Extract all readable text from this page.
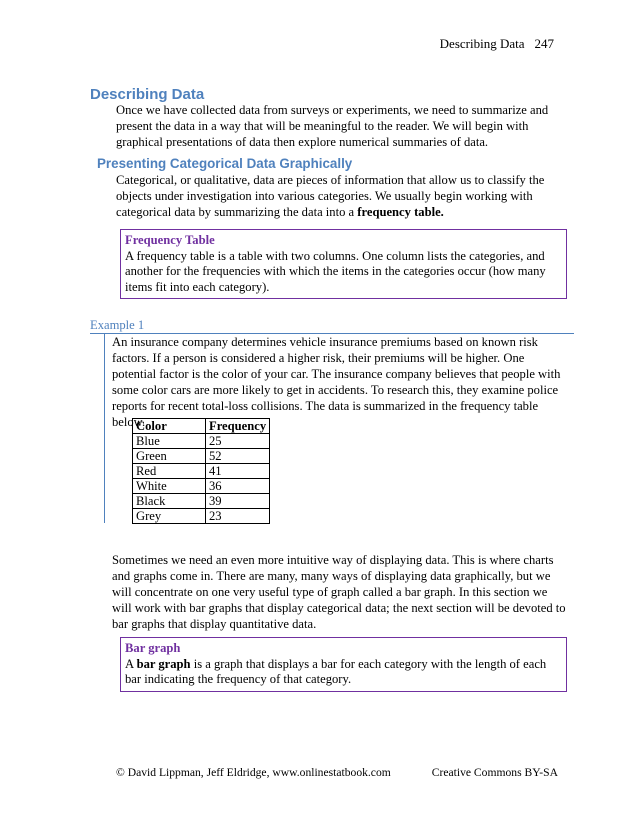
Describing Data 247
Describing Data
Once we have collected data from surveys or experiments, we need to summarize and present the data in a way that will be meaningful to the reader. We will begin with graphical presentations of data then explore numerical summaries of data.
Presenting Categorical Data Graphically
Categorical, or qualitative, data are pieces of information that allow us to classify the objects under investigation into various categories. We usually begin working with categorical data by summarizing the data into a frequency table.
Frequency Table
A frequency table is a table with two columns. One column lists the categories, and another for the frequencies with which the items in the categories occur (how many items fit into each category).
Example 1
An insurance company determines vehicle insurance premiums based on known risk factors. If a person is considered a higher risk, their premiums will be higher. One potential factor is the color of your car. The insurance company believes that people with some color cars are more likely to get in accidents. To research this, they examine police reports for recent total-loss collisions. The data is summarized in the frequency table below.
Color	Frequency
Blue	25
Green	52
Red	41
White	36
Black	39
Grey	23
Sometimes we need an even more intuitive way of displaying data. This is where charts and graphs come in. There are many, many ways of displaying data graphically, but we will concentrate on one very useful type of graph called a bar graph. In this section we will work with bar graphs that display categorical data; the next section will be devoted to bar graphs that display quantitative data.
Bar graph
A bar graph is a graph that displays a bar for each category with the length of each bar indicating the frequency of that category.
© David Lippman, Jeff Eldridge, www.onlinestatbook.com	Creative Commons BY-SA
